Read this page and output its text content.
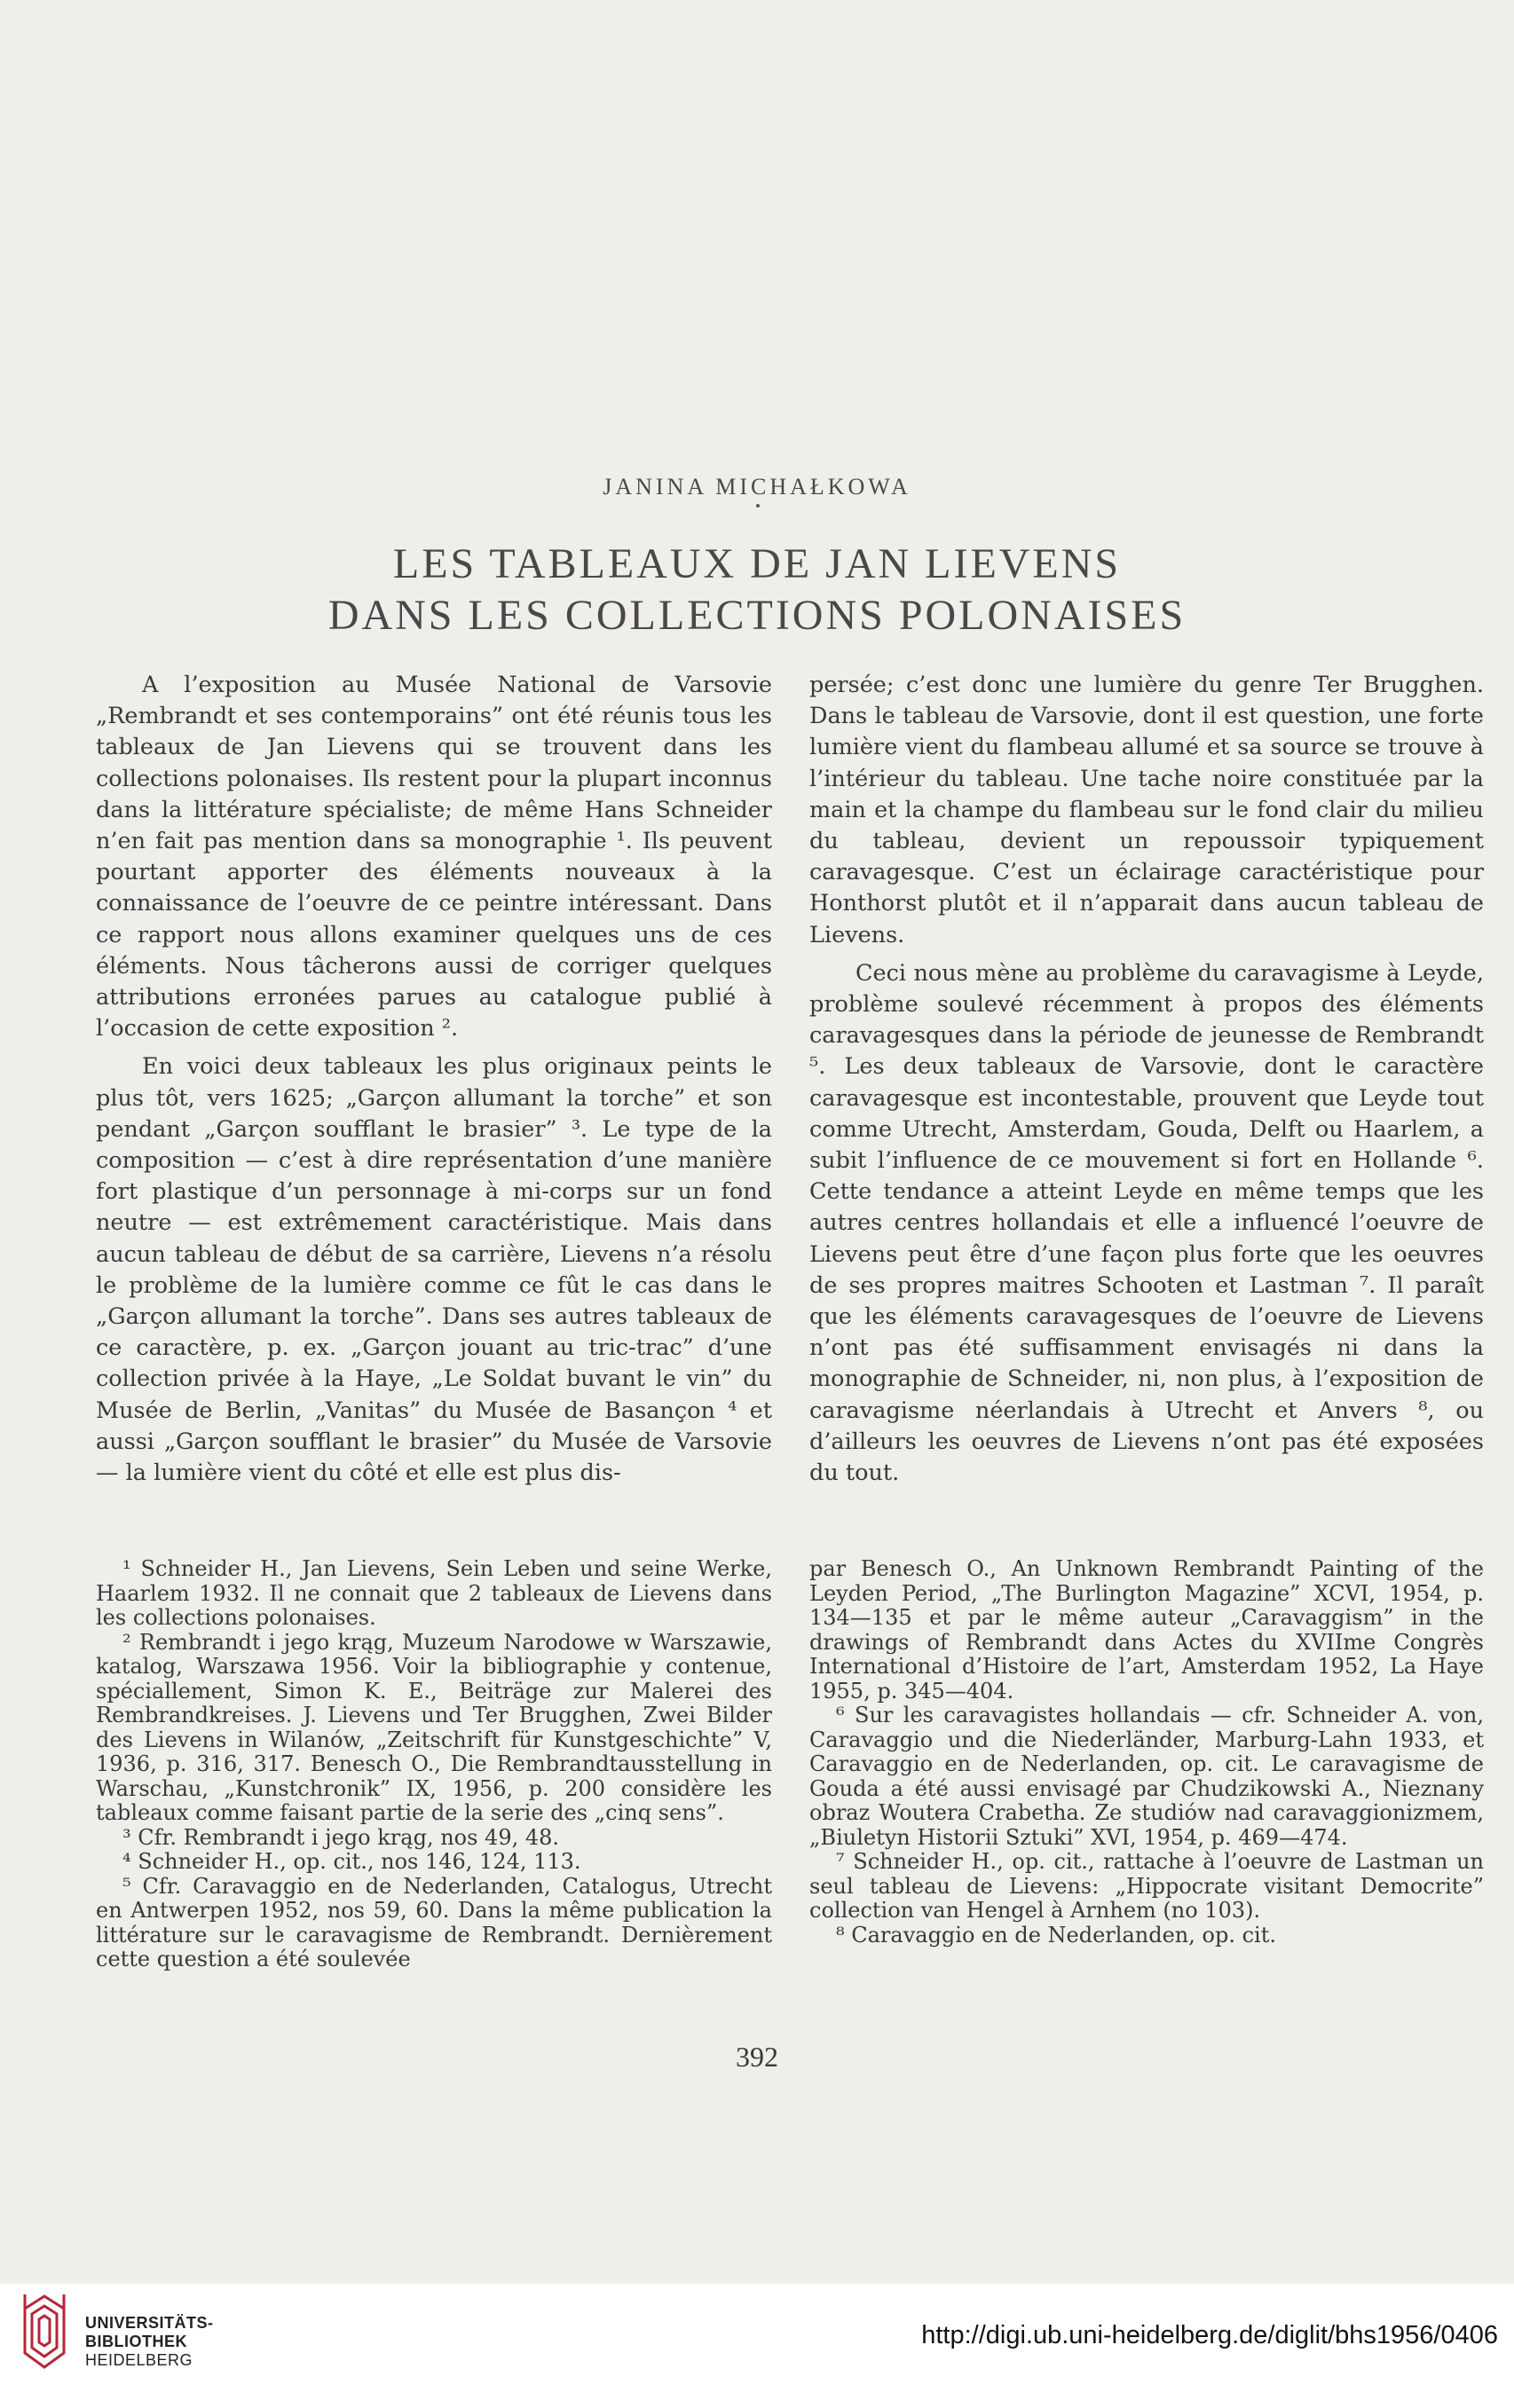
JANINA MICHAŁKOWA
LES TABLEAUX DE JAN LIEVENS
DANS LES COLLECTIONS POLONAISES

A l’exposition au Musée National de Varsovie „Rembrandt et ses contemporains” ont été réunis tous les tableaux de Jan Lievens qui se trouvent dans les collections polonaises. Ils restent pour la plupart inconnus dans la littérature spécialiste; de même Hans Schneider n’en fait pas mention dans sa monographie ¹. Ils peuvent pourtant apporter des éléments nouveaux à la connaissance de l’oeuvre de ce peintre intéressant. Dans ce rapport nous allons examiner quelques uns de ces éléments. Nous tâcherons aussi de corriger quelques attributions erronées parues au catalogue publié à l’occasion de cette exposition ².

En voici deux tableaux les plus originaux peints le plus tôt, vers 1625; „Garçon allumant la torche” et son pendant „Garçon soufflant le brasier” ³. Le type de la composition — c’est à dire représentation d’une manière fort plastique d’un personnage à mi-corps sur un fond neutre — est extrêmement caractéristique. Mais dans aucun tableau de début de sa carrière, Lievens n’a résolu le problème de la lumière comme ce fût le cas dans le „Garçon allumant la torche”. Dans ses autres tableaux de ce caractère, p. ex. „Garçon jouant au tric-trac” d’une collection privée à la Haye, „Le Soldat buvant le vin” du Musée de Berlin, „Vanitas” du Musée de Basançon ⁴ et aussi „Garçon soufflant le brasier” du Musée de Varsovie — la lumière vient du côté et elle est plus dis-

persée; c’est donc une lumière du genre Ter Brugghen. Dans le tableau de Varsovie, dont il est question, une forte lumière vient du flambeau allumé et sa source se trouve à l’intérieur du tableau. Une tache noire constituée par la main et la champe du flambeau sur le fond clair du milieu du tableau, devient un repoussoir typiquement caravagesque. C’est un éclairage caractéristique pour Honthorst plutôt et il n’apparait dans aucun tableau de Lievens.

Ceci nous mène au problème du caravagisme à Leyde, problème soulevé récemment à propos des éléments caravagesques dans la période de jeunesse de Rembrandt ⁵. Les deux tableaux de Varsovie, dont le caractère caravagesque est incontestable, prouvent que Leyde tout comme Utrecht, Amsterdam, Gouda, Delft ou Haarlem, a subit l’influence de ce mouvement si fort en Hollande ⁶. Cette tendance a atteint Leyde en même temps que les autres centres hollandais et elle a influencé l’oeuvre de Lievens peut être d’une façon plus forte que les oeuvres de ses propres maitres Schooten et Lastman ⁷. Il paraît que les éléments caravagesques de l’oeuvre de Lievens n’ont pas été suffisamment envisagés ni dans la monographie de Schneider, ni, non plus, à l’exposition de caravagisme néerlandais à Utrecht et Anvers ⁸, ou d’ailleurs les oeuvres de Lievens n’ont pas été exposées du tout.

¹ Schneider H., Jan Lievens, Sein Leben und seine Werke, Haarlem 1932. Il ne connait que 2 tableaux de Lievens dans les collections polonaises.

² Rembrandt i jego krąg, Muzeum Narodowe w Warszawie, katalog, Warszawa 1956. Voir la bibliographie y contenue, spéciallement, Simon K. E., Beiträge zur Malerei des Rembrandkreises. J. Lievens und Ter Brugghen, Zwei Bilder des Lievens in Wilanów, „Zeitschrift für Kunstgeschichte” V, 1936, p. 316, 317. Benesch O., Die Rembrandtausstellung in Warschau, „Kunstchronik” IX, 1956, p. 200 considère les tableaux comme faisant partie de la serie des „cinq sens”.

³ Cfr. Rembrandt i jego krąg, nos 49, 48.

⁴ Schneider H., op. cit., nos 146, 124, 113.

⁵ Cfr. Caravaggio en de Nederlanden, Catalogus, Utrecht en Antwerpen 1952, nos 59, 60. Dans la même publication la littérature sur le caravagisme de Rembrandt. Dernièrement cette question a été soulevée

par Benesch O., An Unknown Rembrandt Painting of the Leyden Period, „The Burlington Magazine” XCVI, 1954, p. 134—135 et par le même auteur „Caravaggism” in the drawings of Rembrandt dans Actes du XVIIme Congrès International d’Histoire de l’art, Amsterdam 1952, La Haye 1955, p. 345—404.

⁶ Sur les caravagistes hollandais — cfr. Schneider A. von, Caravaggio und die Niederländer, Marburg-Lahn 1933, et Caravaggio en de Nederlanden, op. cit. Le caravagisme de Gouda a été aussi envisagé par Chudzikowski A., Nieznany obraz Woutera Crabetha. Ze studiów nad caravaggionizmem, „Biuletyn Historii Sztuki” XVI, 1954, p. 469—474.

⁷ Schneider H., op. cit., rattache à l’oeuvre de Lastman un seul tableau de Lievens: „Hippocrate visitant Democrite” collection van Hengel à Arnhem (no 103).

⁸ Caravaggio en de Nederlanden, op. cit.

392
UNIVERSITÄTS-
BIBLIOTHEK
HEIDELBERG
http://digi.ub.uni-heidelberg.de/diglit/bhs1956/0406
